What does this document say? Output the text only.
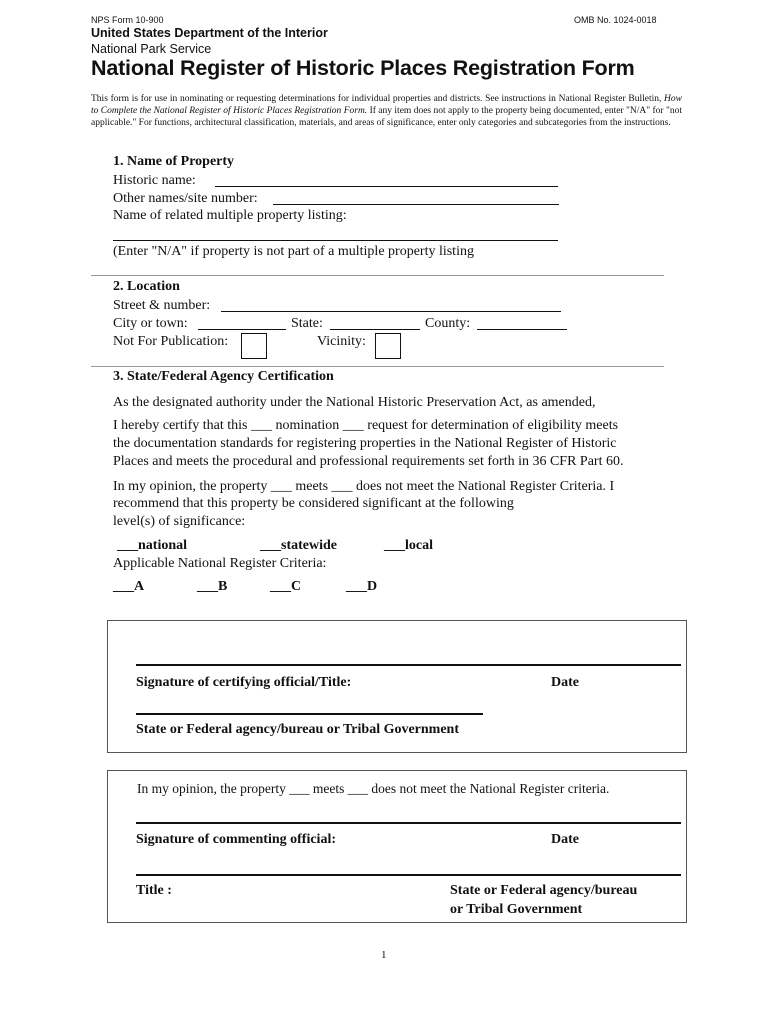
NPS Form 10-900	OMB No. 1024-0018
United States Department of the Interior
National Park Service
National Register of Historic Places Registration Form
This form is for use in nominating or requesting determinations for individual properties and districts. See instructions in National Register Bulletin, How to Complete the National Register of Historic Places Registration Form. If any item does not apply to the property being documented, enter "N/A" for "not applicable." For functions, architectural classification, materials, and areas of significance, enter only categories and subcategories from the instructions.
1. Name of Property
Historic name:
Other names/site number:
Name of related multiple property listing:
(Enter "N/A" if property is not part of a multiple property listing
2. Location
Street & number:
City or town:	State:	County:
Not For Publication:	Vicinity:
3. State/Federal Agency Certification
As the designated authority under the National Historic Preservation Act, as amended,
I hereby certify that this ___ nomination ___ request for determination of eligibility meets
the documentation standards for registering properties in the National Register of Historic
Places and meets the procedural and professional requirements set forth in 36 CFR Part 60.
In my opinion, the property ___ meets ___ does not meet the National Register Criteria. I
recommend that this property be considered significant at the following
level(s) of significance:
___national	___statewide	___local
Applicable National Register Criteria:
___A	___B	___C	___D
Signature of certifying official/Title:	Date
State or Federal agency/bureau or Tribal Government
In my opinion, the property ___ meets ___ does not meet the National Register criteria.
Signature of commenting official:	Date
Title :	State or Federal agency/bureau
or Tribal Government
1
